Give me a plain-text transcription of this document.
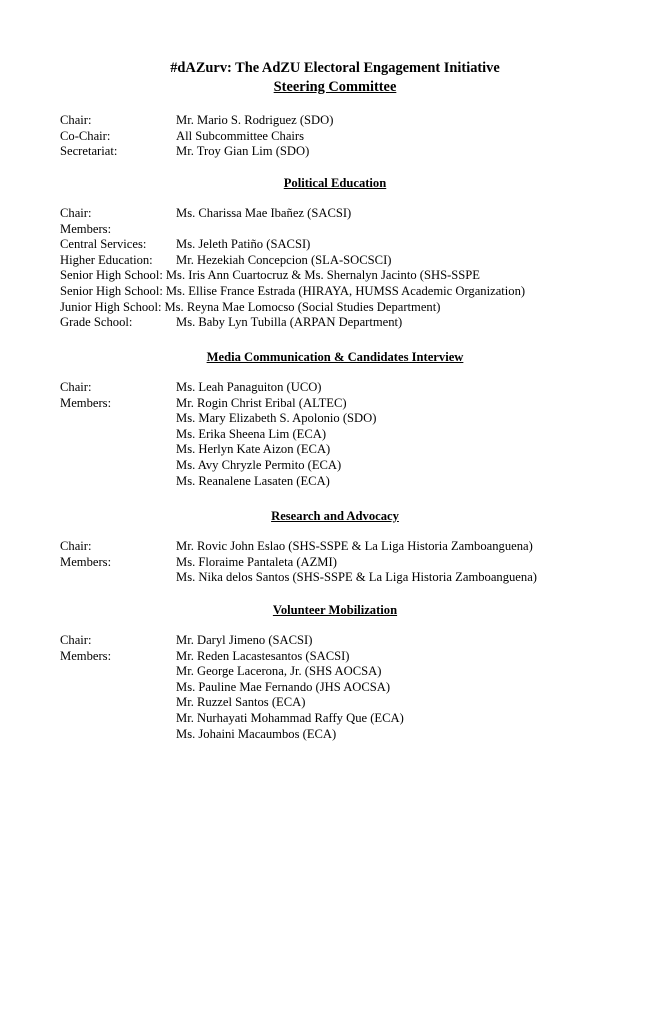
#dAZurv: The AdZU Electoral Engagement Initiative
Steering Committee
Chair:	Mr. Mario S. Rodriguez (SDO)
Co-Chair:	All Subcommittee Chairs
Secretariat:	Mr. Troy Gian Lim (SDO)
Political Education
Chair:	Ms. Charissa Mae Ibañez (SACSI)
Members:
Central Services: Ms. Jeleth Patiño (SACSI)
Higher Education: Mr. Hezekiah Concepcion (SLA-SOCSCI)
Senior High School: Ms. Iris Ann Cuartocruz & Ms. Shernalyn Jacinto (SHS-SSPE
Senior High School: Ms. Ellise France Estrada (HIRAYA, HUMSS Academic Organization)
Junior High School: Ms. Reyna Mae Lomocso (Social Studies Department)
Grade School:	Ms. Baby Lyn Tubilla (ARPAN Department)
Media Communication & Candidates Interview
Chair:	Ms. Leah Panaguiton (UCO)
Members:	Mr. Rogin Christ Eribal (ALTEC)
Ms. Mary Elizabeth S. Apolonio (SDO)
Ms. Erika Sheena Lim (ECA)
Ms. Herlyn Kate Aizon (ECA)
Ms. Avy Chryzle Permito (ECA)
Ms. Reanalene Lasaten (ECA)
Research and Advocacy
Chair:	Mr. Rovic John Eslao (SHS-SSPE & La Liga Historia Zamboanguena)
Members:	Ms. Floraime Pantaleta (AZMI)
Ms. Nika delos Santos (SHS-SSPE & La Liga Historia Zamboanguena)
Volunteer Mobilization
Chair:	Mr. Daryl Jimeno (SACSI)
Members:	Mr. Reden Lacastesantos (SACSI)
Mr. George Lacerona, Jr. (SHS AOCSA)
Ms. Pauline Mae Fernando (JHS AOCSA)
Mr. Ruzzel Santos (ECA)
Mr. Nurhayati Mohammad Raffy Que (ECA)
Ms. Johaini Macaumbos (ECA)
